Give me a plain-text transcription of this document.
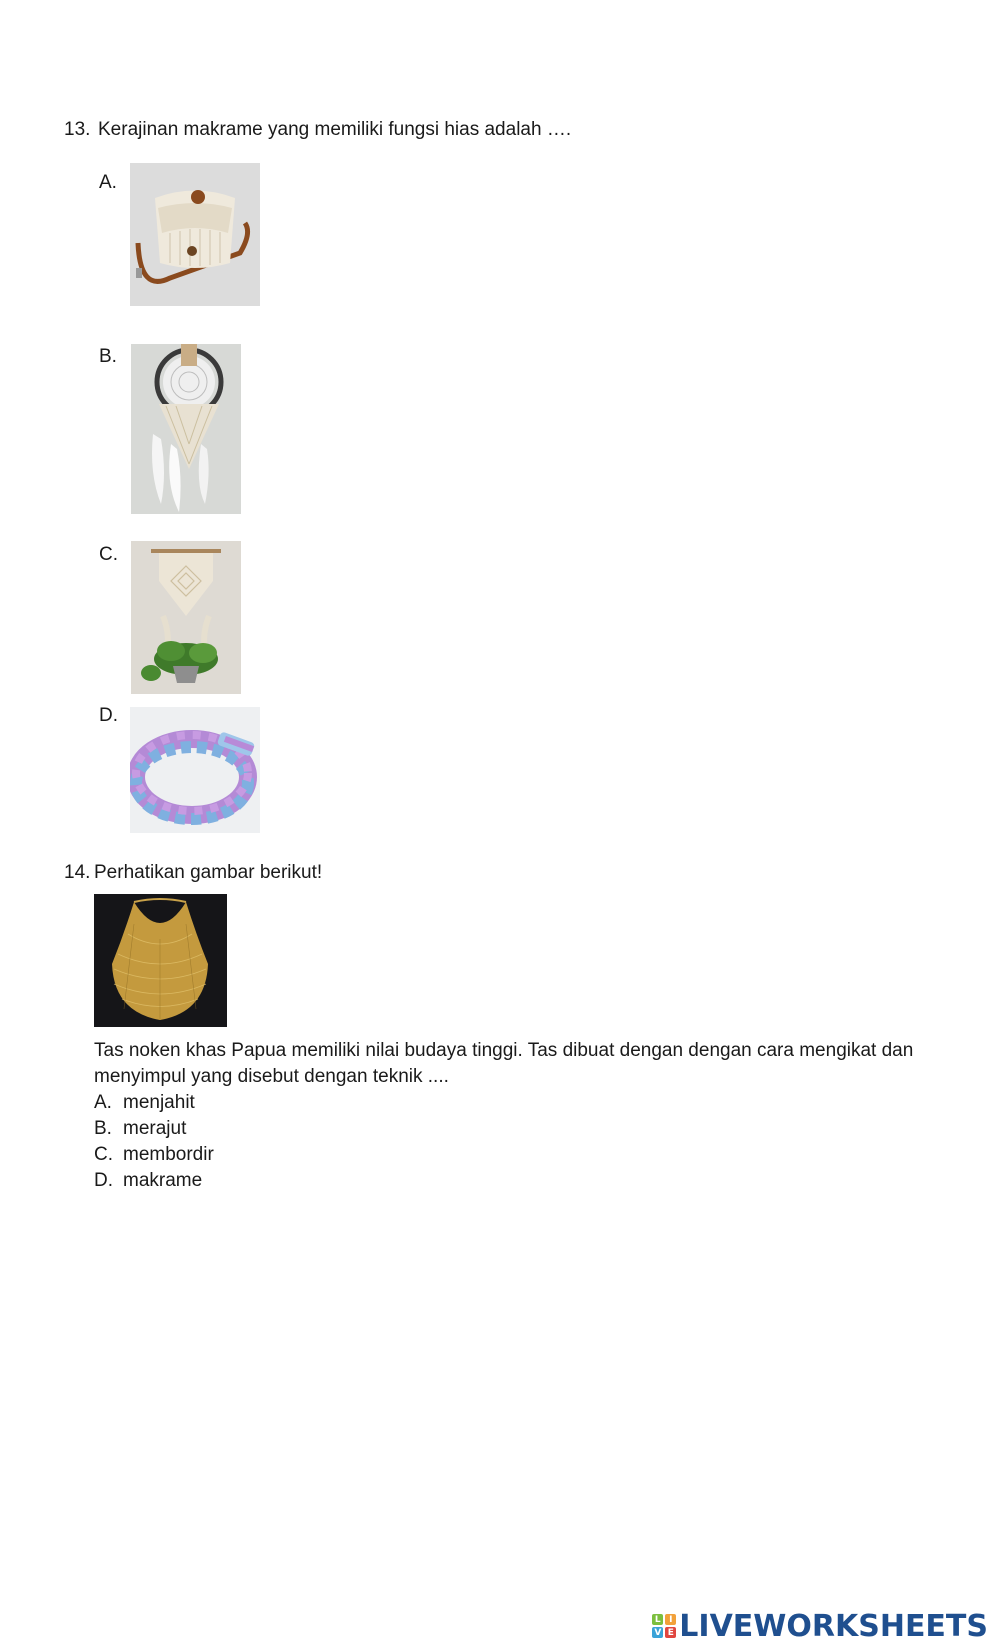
13. Kerajinan makrame yang memiliki fungsi hias adalah ….
A.
B.
C.
D.
14. Perhatikan gambar berikut!
Tas noken khas Papua memiliki nilai budaya tinggi. Tas dibuat dengan dengan cara mengikat dan
menyimpul yang disebut dengan teknik ....
A. menjahit
B. merajut
C. membordir
D. makrame
L I
V E LIVEWORKSHEETS
